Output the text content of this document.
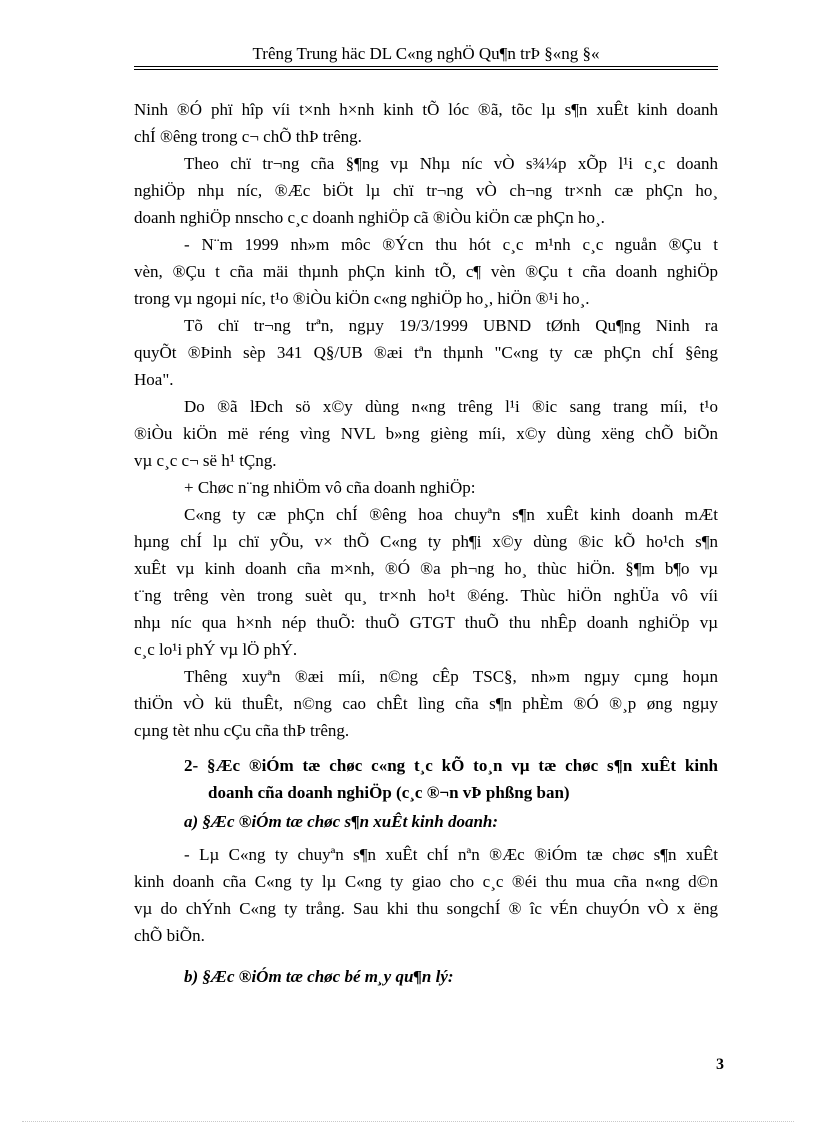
Trêng Trung häc DL C«ng nghÖ Qu¶n trÞ §«ng §«

Ninh ®Ó phï hîp víi t×nh h×nh kinh tÕ lóc ®ã, tõc lµ s¶n xuÊt kinh doanh
chÍ ®êng trong c¬ chÕ thÞ trêng.

Theo chï tr¬ng cña §¶ng vµ Nhµ níc vÒ s¾¼p xÕp l¹i c¸c doanh
nghiÖp nhµ níc, ®Æc biÖt lµ chï tr¬ng vÒ ch¬ng tr×nh cæ phÇn ho¸
doanh nghiÖp nnscho c¸c doanh nghiÖp cã ®iÒu kiÖn cæ phÇn ho¸.

- N¨m 1999 nh»m môc ®Ýcn thu hót c¸c m¹nh c¸c nguån ®Çu t
vèn, ®Çu t cña mäi thµnh phÇn kinh tÕ, c¶ vèn ®Çu t cña doanh nghiÖp
trong vµ ngoµi níc, t¹o ®iÒu kiÖn c«ng nghiÖp ho¸, hiÖn ®¹i ho¸.

Tõ chï tr¬ng trªn, ngµy 19/3/1999 UBND tØnh Qu¶ng Ninh ra
quyÕt ®Þinh sèp 341 Q§/UB ®æi tªn thµnh "C«ng ty cæ phÇn chÍ §êng
Hoa".

Do ®ã lÐch sö x©y dùng n«ng trêng l¹i ®ic sang trang míi, t¹o
®iÒu kiÖn më réng vìng NVL b»ng gièng míi, x©y dùng xëng chÕ biÕn
vµ c¸c c¬ së h¹ tÇng.

+ Chøc n¨ng nhiÖm vô cña doanh nghiÖp:

C«ng ty cæ phÇn chÍ ®êng hoa chuyªn s¶n xuÊt kinh doanh mÆt
hµng chÍ lµ chï yÕu, v× thÕ C«ng ty ph¶i x©y dùng ®ic kÕ ho¹ch s¶n
xuÊt vµ kinh doanh cña m×nh, ®Ó ®a ph¬ng ho¸ thùc hiÖn. §¶m b¶o vµ
t¨ng trêng vèn trong suèt qu¸ tr×nh ho¹t ®éng. Thùc hiÖn nghÜa vô víi
nhµ níc qua h×nh nép thuÕ: thuÕ GTGT thuÕ thu nhÊp doanh nghiÖp vµ
c¸c lo¹i phÝ vµ lÖ phÝ.

Thêng xuyªn ®æi míi, n©ng cÊp TSC§, nh»m ngµy cµng hoµn
thiÖn vÒ kü thuÊt, n©ng cao chÊt lìng cña s¶n phÈm ®Ó ®¸p øng ngµy
cµng tèt nhu cÇu cña thÞ trêng.

2- §Æc ®iÓm tæ chøc c«ng t¸c kÕ to¸n vµ tæ chøc s¶n xuÊt kinh
doanh cña doanh nghiÖp (c¸c ®¬n vÞ phßng ban)
a) §Æc ®iÓm tæ chøc s¶n xuÊt kinh doanh:

- Lµ C«ng ty chuyªn s¶n xuÊt chÍ nªn ®Æc ®iÓm tæ chøc s¶n xuÊt
kinh doanh cña C«ng ty lµ C«ng ty giao cho c¸c ®éi thu mua cña n«ng d©n
vµ do chÝnh C«ng ty trång. Sau khi thu songchÍ ® îc vÉn chuyÓn vÒ x ëng
chÕ biÕn.

b) §Æc ®iÓm tæ chøc bé m¸y qu¶n lý:
3
